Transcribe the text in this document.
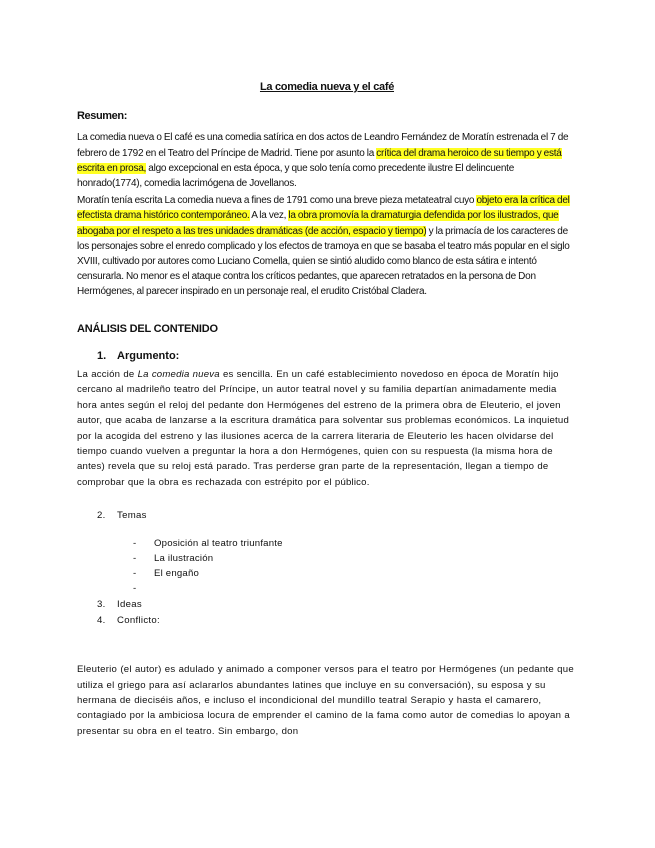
La comedia nueva y el café
Resumen:

La comedia nueva o El café es una comedia satírica en dos actos de Leandro Fernández de Moratín estrenada el 7 de febrero de 1792 en el Teatro del Príncipe de Madrid. Tiene por asunto la crítica del drama heroico de su tiempo y está escrita en prosa, algo excepcional en esta época, y que solo tenía como precedente ilustre El delincuente honrado(1774), comedia lacrimógena de Jovellanos.

Moratín tenía escrita La comedia nueva a fines de 1791 como una breve pieza metateatral cuyo objeto era la crítica del efectista drama histórico contemporáneo. A la vez, la obra promovía la dramaturgia defendida por los ilustrados, que abogaba por el respeto a las tres unidades dramáticas (de acción, espacio y tiempo) y la primacía de los caracteres de los personajes sobre el enredo complicado y los efectos de tramoya en que se basaba el teatro más popular en el siglo XVIII, cultivado por autores como Luciano Comella, quien se sintió aludido como blanco de esta sátira e intentó censurarla. No menor es el ataque contra los críticos pedantes, que aparecen retratados en la persona de Don Hermógenes, al parecer inspirado en un personaje real, el erudito Cristóbal Cladera.

ANÁLISIS DEL CONTENIDO
1. Argumento:

La acción de La comedia nueva es sencilla. En un café establecimiento novedoso en época de Moratín hijo cercano al madrileño teatro del Príncipe, un autor teatral novel y su familia departían animadamente media hora antes según el reloj del pedante don Hermógenes del estreno de la primera obra de Eleuterio, el joven autor, que acaba de lanzarse a la escritura dramática para solventar sus problemas económicos. La inquietud por la acogida del estreno y las ilusiones acerca de la carrera literaria de Eleuterio les hacen olvidarse del tiempo cuando vuelven a preguntar la hora a don Hermógenes, quien con su respuesta (la misma hora de antes) revela que su reloj está parado. Tras perderse gran parte de la representación, llegan a tiempo de comprobar que la obra es rechazada con estrépito por el público.

2. Temas
- Oposición al teatro triunfante
- La ilustración
- El engaño
-
3. Ideas
4. Conflicto:

Eleuterio (el autor) es adulado y animado a componer versos para el teatro por Hermógenes (un pedante que utiliza el griego para así aclararlos abundantes latines que incluye en su conversación), su esposa y su hermana de dieciséis años, e incluso el incondicional del mundillo teatral Serapio y hasta el camarero, contagiado por la ambiciosa locura de emprender el camino de la fama como autor de comedias lo apoyan a presentar su obra en el teatro. Sin embargo, don
